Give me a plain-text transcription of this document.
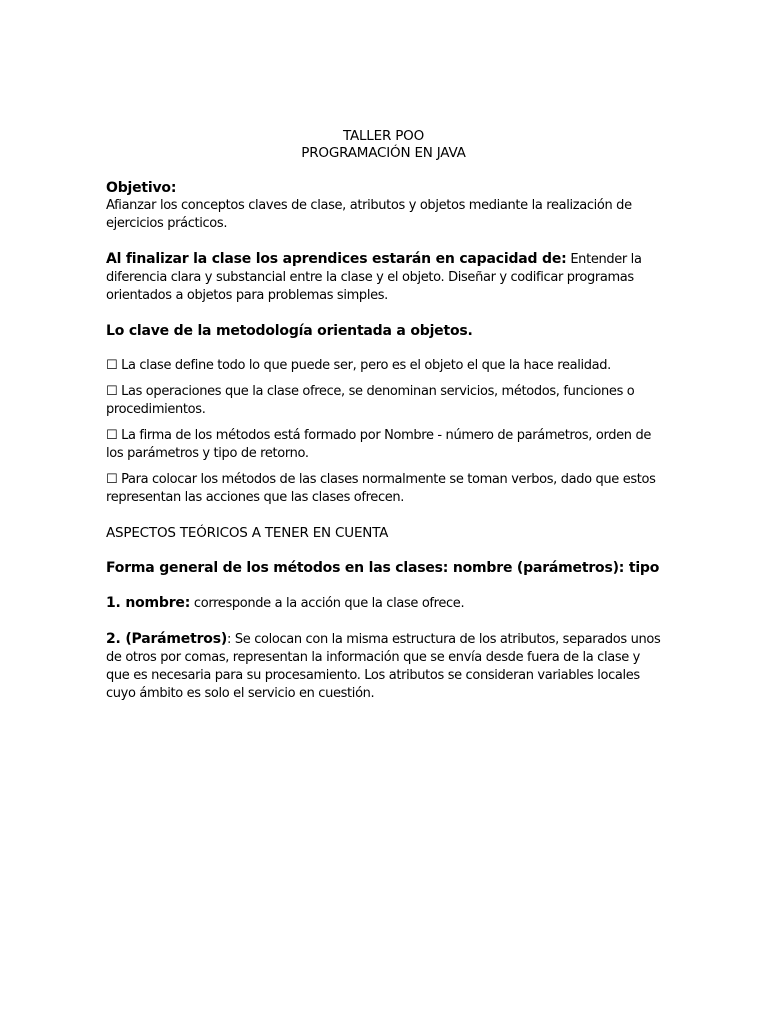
TALLER POO
PROGRAMACIÓN EN JAVA
Objetivo:
Afianzar los conceptos claves de clase, atributos y objetos mediante la realización de ejercicios prácticos.
Al finalizar la clase los aprendices estarán en capacidad de: Entender la diferencia clara y substancial entre la clase y el objeto. Diseñar y codificar programas orientados a objetos para problemas simples.
Lo clave de la metodología orientada a objetos.
☐ La clase define todo lo que puede ser, pero es el objeto el que la hace realidad.
☐ Las operaciones que la clase ofrece, se denominan servicios, métodos, funciones o procedimientos.
☐ La firma de los métodos está formado por Nombre - número de parámetros, orden de los parámetros y tipo de retorno.
☐ Para colocar los métodos de las clases normalmente se toman verbos, dado que estos representan las acciones que las clases ofrecen.
ASPECTOS TEÓRICOS A TENER EN CUENTA
Forma general de los métodos en las clases: nombre (parámetros): tipo
1. nombre: corresponde a la acción que la clase ofrece.
2. (Parámetros): Se colocan con la misma estructura de los atributos, separados unos de otros por comas, representan la información que se envía desde fuera de la clase y que es necesaria para su procesamiento. Los atributos se consideran variables locales cuyo ámbito es solo el servicio en cuestión.
